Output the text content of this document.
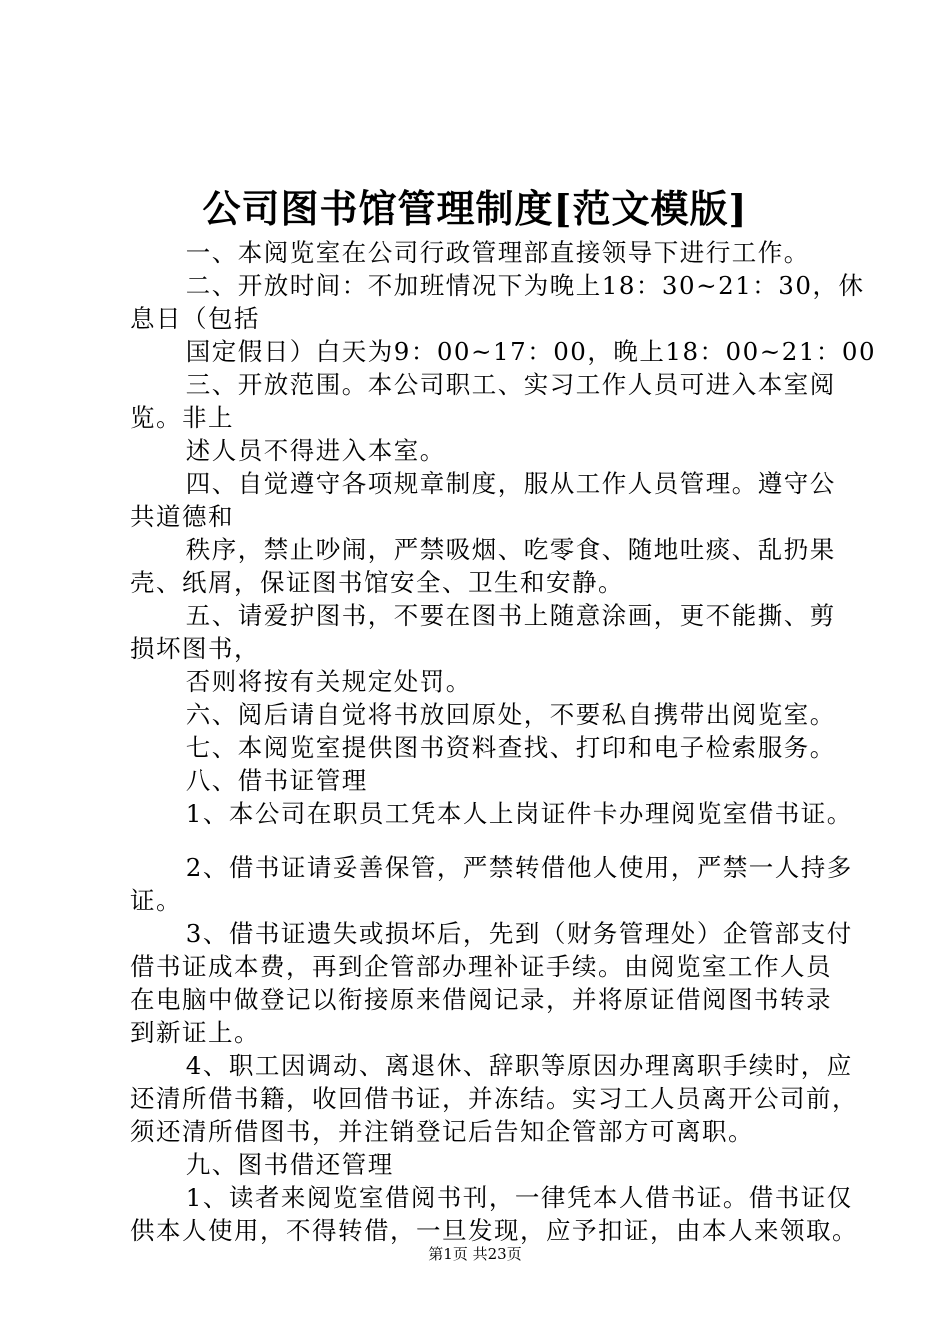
公司图书馆管理制度[范文模版]
一、本阅览室在公司行政管理部直接领导下进行工作。
二、开放时间：不加班情况下为晚上18：30~21：30，休
息日（包括
国定假日）白天为9：00~17：00，晚上18：00~21：00
三、开放范围。本公司职工、实习工作人员可进入本室阅
览。非上
述人员不得进入本室。
四、自觉遵守各项规章制度，服从工作人员管理。遵守公
共道德和
秩序，禁止吵闹，严禁吸烟、吃零食、随地吐痰、乱扔果
壳、纸屑，保证图书馆安全、卫生和安静。
五、请爱护图书，不要在图书上随意涂画，更不能撕、剪
损坏图书，
否则将按有关规定处罚。
六、阅后请自觉将书放回原处，不要私自携带出阅览室。
七、本阅览室提供图书资料查找、打印和电子检索服务。
八、借书证管理
1、本公司在职员工凭本人上岗证件卡办理阅览室借书证。
2、借书证请妥善保管，严禁转借他人使用，严禁一人持多
证。
3、借书证遗失或损坏后，先到（财务管理处）企管部支付
借书证成本费，再到企管部办理补证手续。由阅览室工作人员
在电脑中做登记以衔接原来借阅记录，并将原证借阅图书转录
到新证上。
4、职工因调动、离退休、辞职等原因办理离职手续时，应
还清所借书籍，收回借书证，并冻结。实习工人员离开公司前，
须还清所借图书，并注销登记后告知企管部方可离职。
九、图书借还管理
1、读者来阅览室借阅书刊，一律凭本人借书证。借书证仅
供本人使用，不得转借，一旦发现，应予扣证，由本人来领取。
第1页 共23页
